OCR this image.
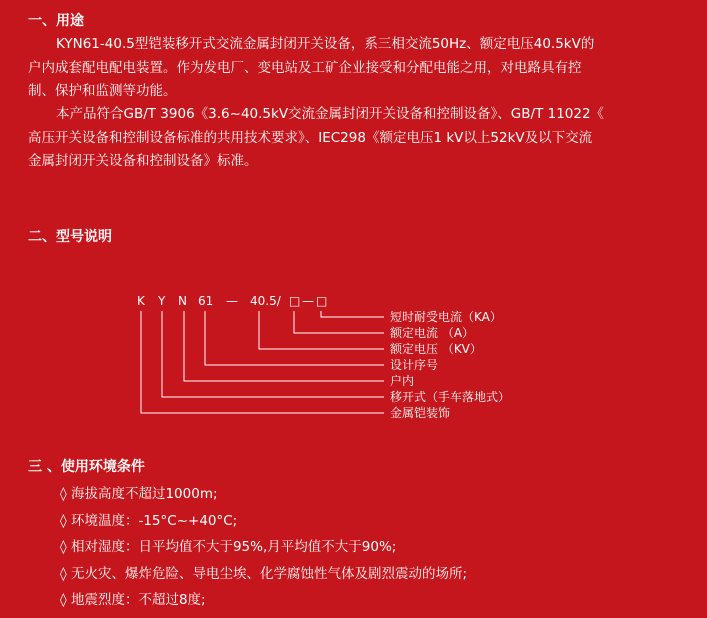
一、用途

KYN61-40.5型铠装移开式交流金属封闭开关设备，系三相交流50Hz、额定电压40.5kV的
户内成套配电配电装置。作为发电厂、变电站及工矿企业接受和分配电能之用，对电路具有控
制、保护和监测等功能。

本产品符合GB/T 3906《3.6~40.5kV交流金属封闭开关设备和控制设备》、GB/T 11022《
高压开关设备和控制设备标准的共用技术要求》、IEC298《额定电压1 kV以上52kV及以下交流
金属封闭开关设备和控制设备》标准。

二、型号说明
K Y N 61 — 40.5/ □ — □
短时耐受电流（KA）
额定电流 （A）
额定电压 （KV）
设计序号
户内
移开式（手车落地式）
金属铠装饰
三 、使用环境条件
◊ 海拔高度不超过1000m;
◊ 环境温度：-15°C~+40°C;
◊ 相对湿度：日平均值不大于95%,月平均值不大于90%;
◊ 无火灾、爆炸危险、导电尘埃、化学腐蚀性气体及剧烈震动的场所;
◊ 地震烈度：不超过8度;
